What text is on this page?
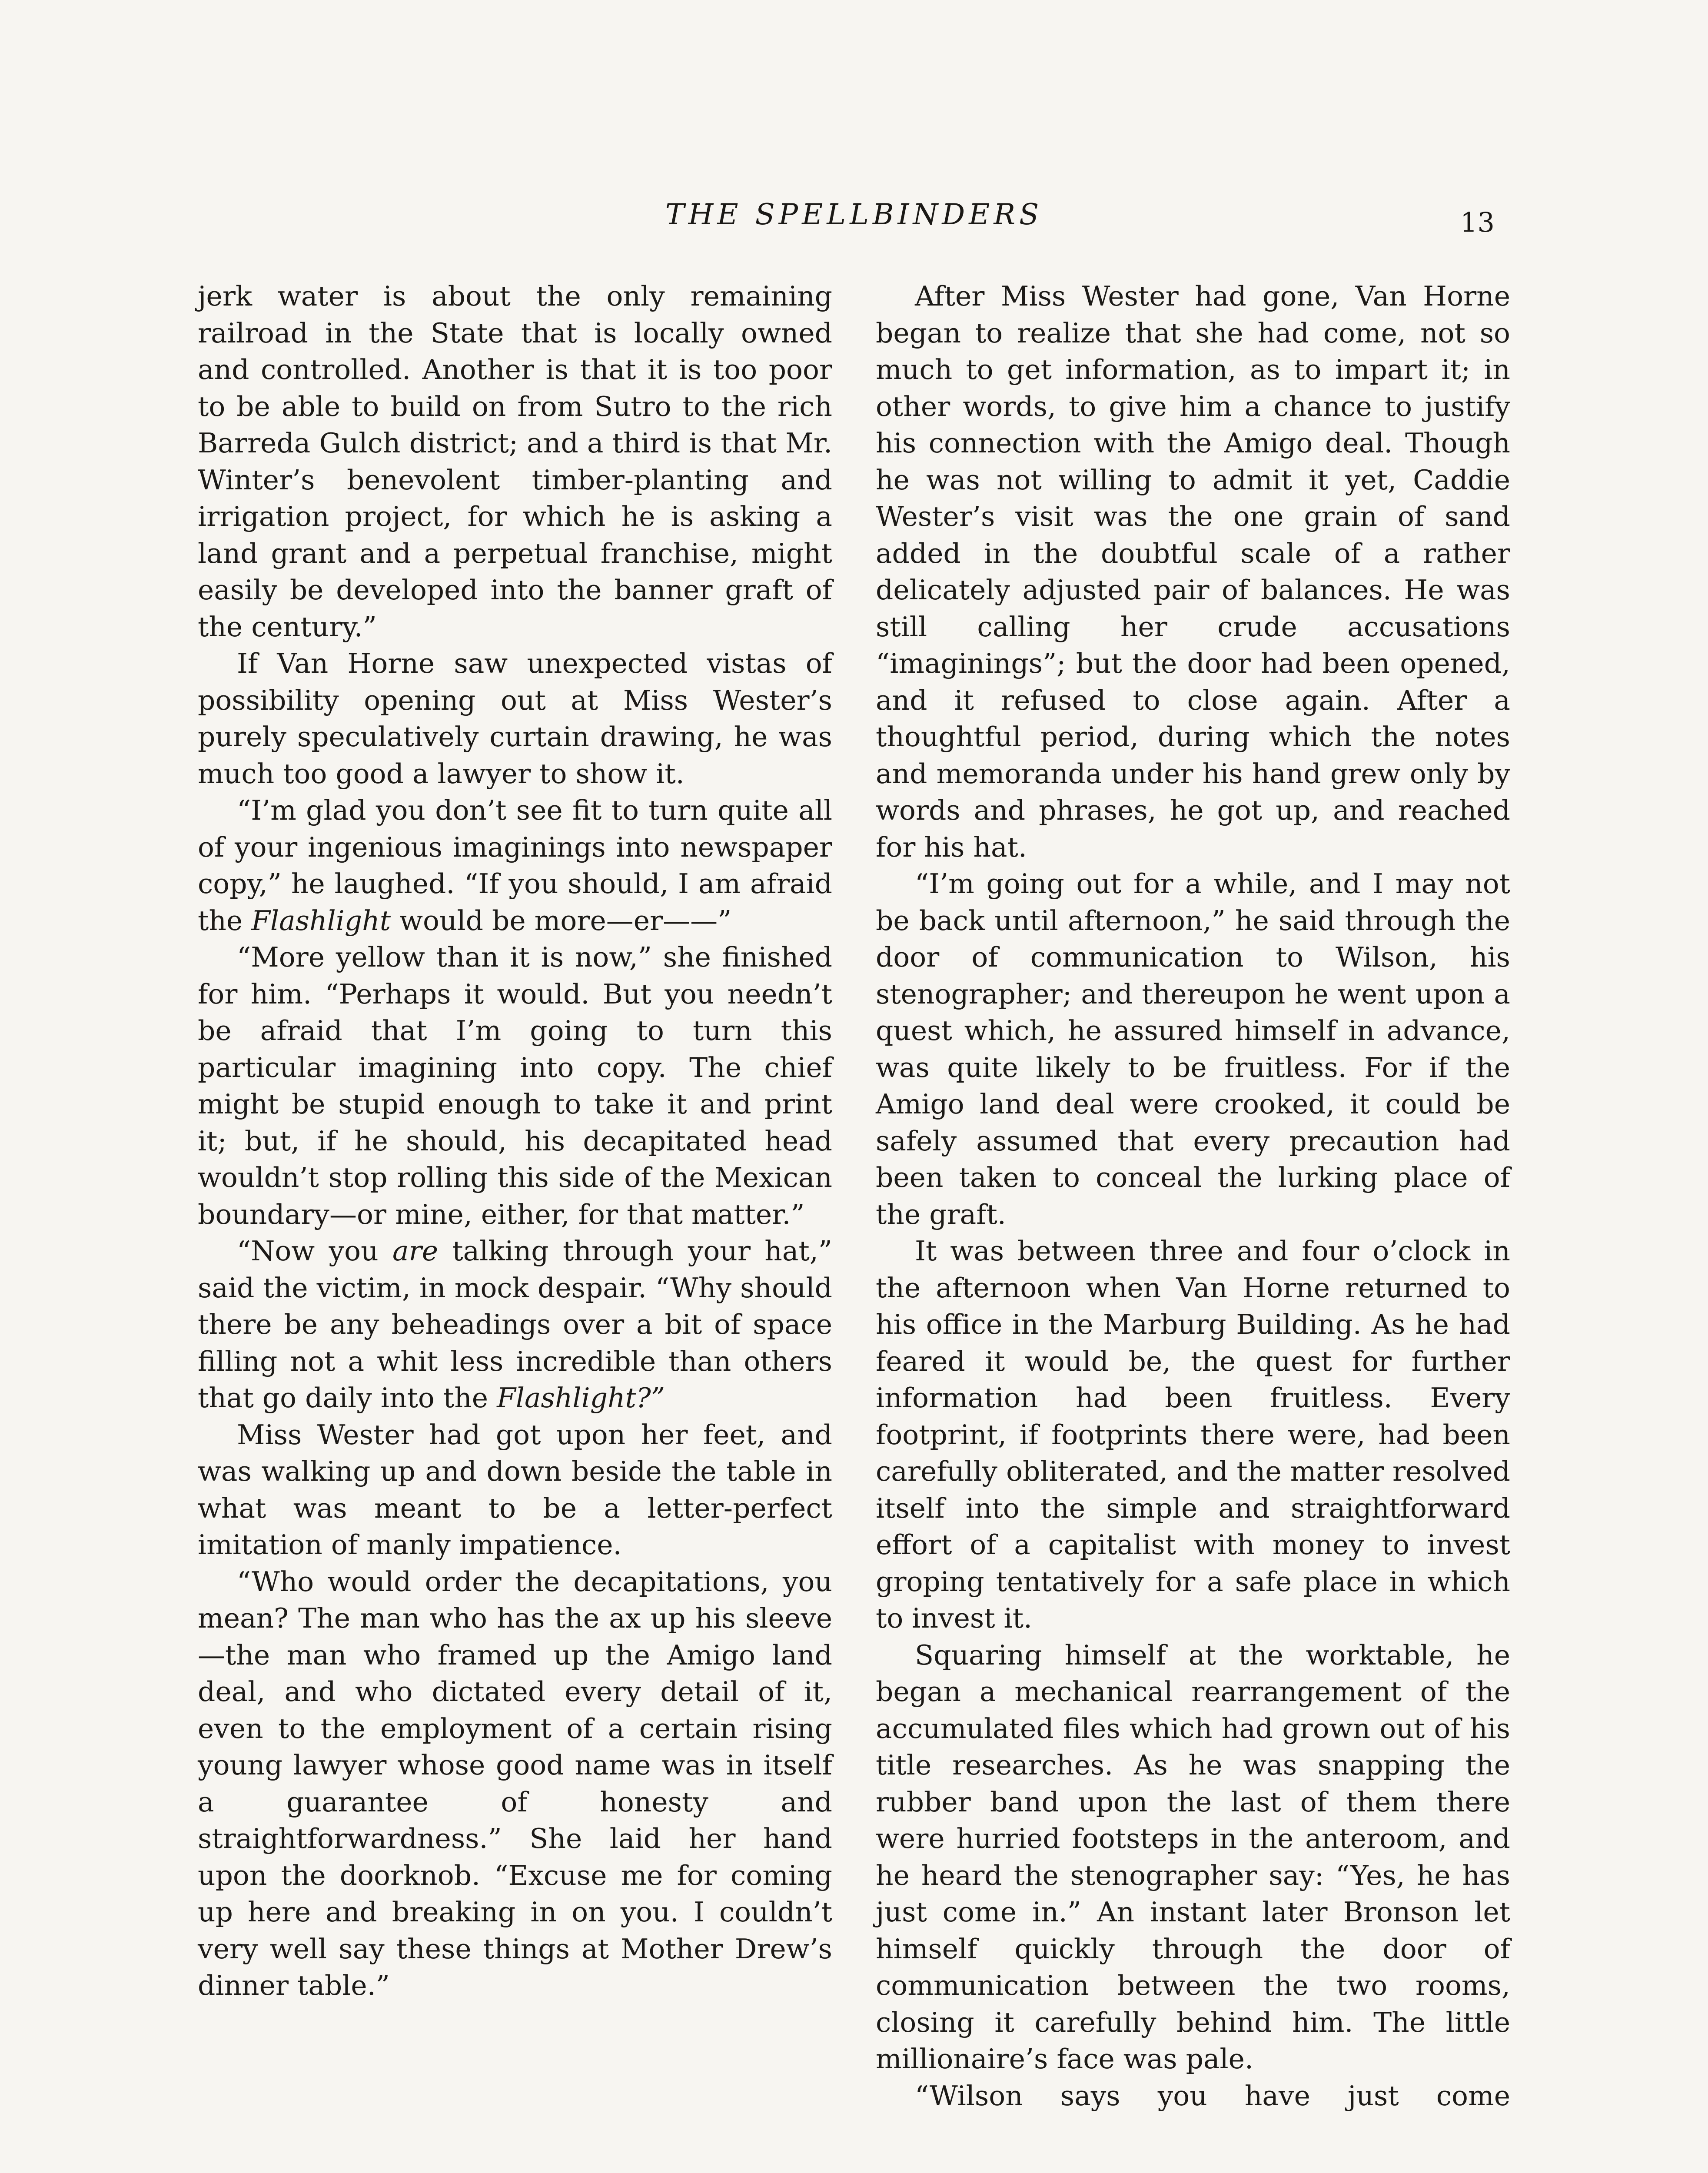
THE SPELLBINDERS	13

jerk water is about the only remaining railroad in the State that is locally owned and controlled. Another is that it is too poor to be able to build on from Sutro to the rich Barreda Gulch district; and a third is that Mr. Winter’s benevolent timber-planting and irrigation project, for which he is asking a land grant and a perpetual franchise, might easily be developed into the banner graft of the century.”

If Van Horne saw unexpected vistas of possibility opening out at Miss Wester’s purely speculatively curtain drawing, he was much too good a lawyer to show it.

“I’m glad you don’t see fit to turn quite all of your ingenious imaginings into newspaper copy,” he laughed. “If you should, I am afraid the Flashlight would be more—er——”

“More yellow than it is now,” she finished for him. “Perhaps it would. But you needn’t be afraid that I’m going to turn this particular imagining into copy. The chief might be stupid enough to take it and print it; but, if he should, his decapitated head wouldn’t stop rolling this side of the Mexican boundary—or mine, either, for that matter.”

“Now you are talking through your hat,” said the victim, in mock despair. “Why should there be any beheadings over a bit of space filling not a whit less incredible than others that go daily into the Flashlight?”

Miss Wester had got upon her feet, and was walking up and down beside the table in what was meant to be a letter-perfect imitation of manly impatience.

“Who would order the decapitations, you mean? The man who has the ax up his sleeve—the man who framed up the Amigo land deal, and who dictated every detail of it, even to the employment of a certain rising young lawyer whose good name was in itself a guarantee of honesty and straightforwardness.” She laid her hand upon the doorknob. “Excuse me for coming up here and breaking in on you. I couldn’t very well say these things at Mother Drew’s dinner table.”

After Miss Wester had gone, Van Horne began to realize that she had come, not so much to get information, as to impart it; in other words, to give him a chance to justify his connection with the Amigo deal. Though he was not willing to admit it yet, Caddie Wester’s visit was the one grain of sand added in the doubtful scale of a rather delicately adjusted pair of balances. He was still calling her crude accusations “imaginings”; but the door had been opened, and it refused to close again. After a thoughtful period, during which the notes and memoranda under his hand grew only by words and phrases, he got up, and reached for his hat.

“I’m going out for a while, and I may not be back until afternoon,” he said through the door of communication to Wilson, his stenographer; and thereupon he went upon a quest which, he assured himself in advance, was quite likely to be fruitless. For if the Amigo land deal were crooked, it could be safely assumed that every precaution had been taken to conceal the lurking place of the graft.

It was between three and four o’clock in the afternoon when Van Horne returned to his office in the Marburg Building. As he had feared it would be, the quest for further information had been fruitless. Every footprint, if footprints there were, had been carefully obliterated, and the matter resolved itself into the simple and straightforward effort of a capitalist with money to invest groping tentatively for a safe place in which to invest it.

Squaring himself at the worktable, he began a mechanical rearrangement of the accumulated files which had grown out of his title researches. As he was snapping the rubber band upon the last of them there were hurried footsteps in the anteroom, and he heard the stenographer say: “Yes, he has just come in.” An instant later Bronson let himself quickly through the door of communication between the two rooms, closing it carefully behind him. The little millionaire’s face was pale.

“Wilson says you have just come
